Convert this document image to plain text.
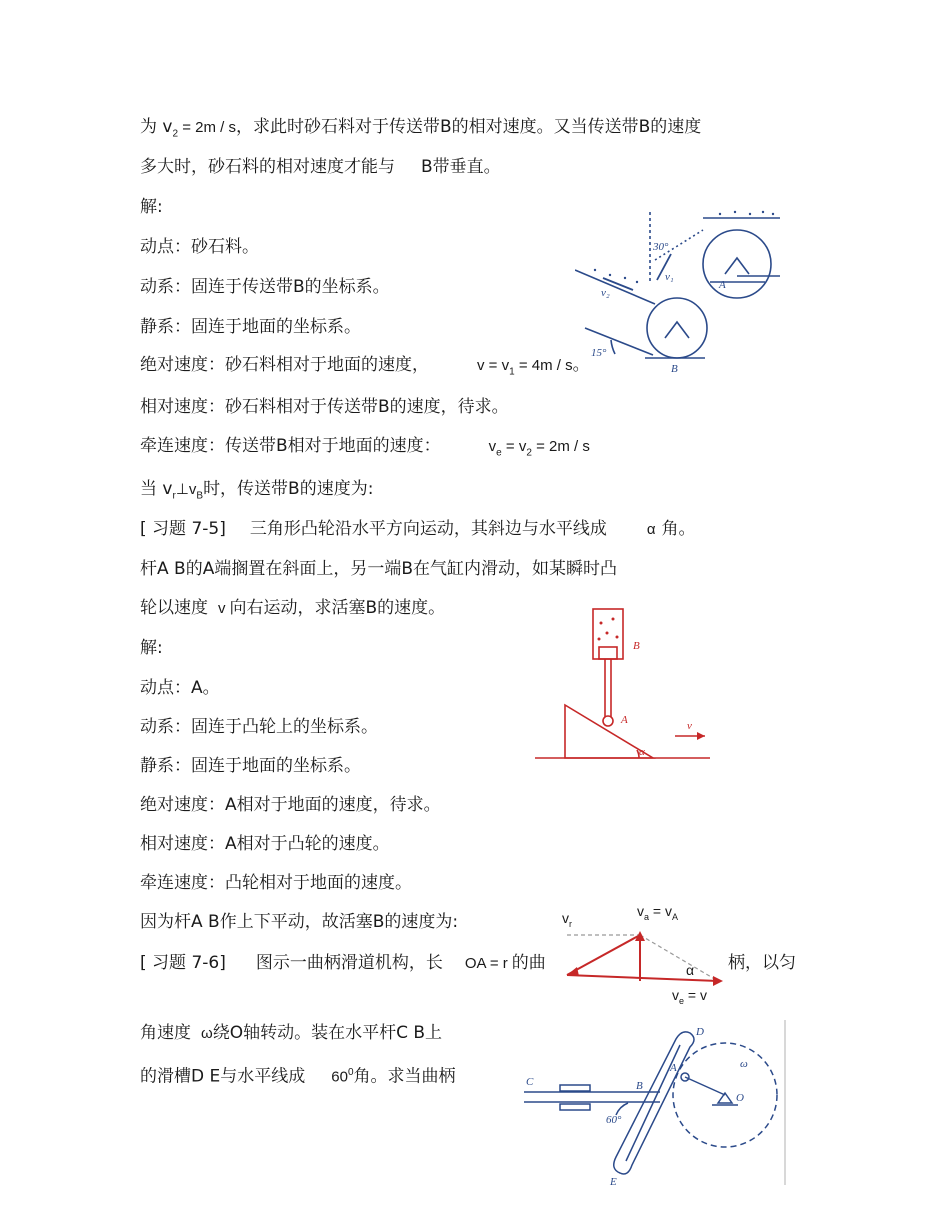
为 $v_2 = 2m / s$，求此时砂石料对于传送带B的相对速度。又当传送带B的速度
多大时，砂石料的相对速度才能与 B带垂直。
解:
动点：砂石料。
动系：固连于传送带B的坐标系。
静系：固连于地面的坐标系。
绝对速度：砂石料相对于地面的速度，	$v = v_1 = 4m / s$。
相对速度：砂石料相对于传送带B的速度，待求。
牵连速度：传送带B相对于地面的速度：	$v_e = v_2 = 2m / s$
当 $v_r\perp v_B$时，传送带B的速度为:
[ 习题 7-5] 三角形凸轮沿水平方向运动，其斜边与水平线成	α 角。
杆A B的A端搁置在斜面上，另一端B在气缸内滑动，如某瞬时凸
轮以速度 v 向右运动，求活塞B的速度。
解:
动点：A。
动系：固连于凸轮上的坐标系。
静系：固连于地面的坐标系。
绝对速度：A相对于地面的速度，待求。
相对速度：A相对于凸轮的速度。
牵连速度：凸轮相对于地面的速度。
因为杆A B作上下平动，故活塞B的速度为:
[ 习题 7-6] 图示一曲柄滑道机构，长 OA = r 的曲	柄，以匀
角速度 ω绕O轴转动。装在水平杆C B上
的滑槽D E与水平线成 $60^0$角。求当曲柄
30°
15°
v₁
v₂
A
B
B
A	v
α
$v_a = v_A$
$v_r$
α
$v_e = v$
C	B
A
D
E
O
60°
ω
